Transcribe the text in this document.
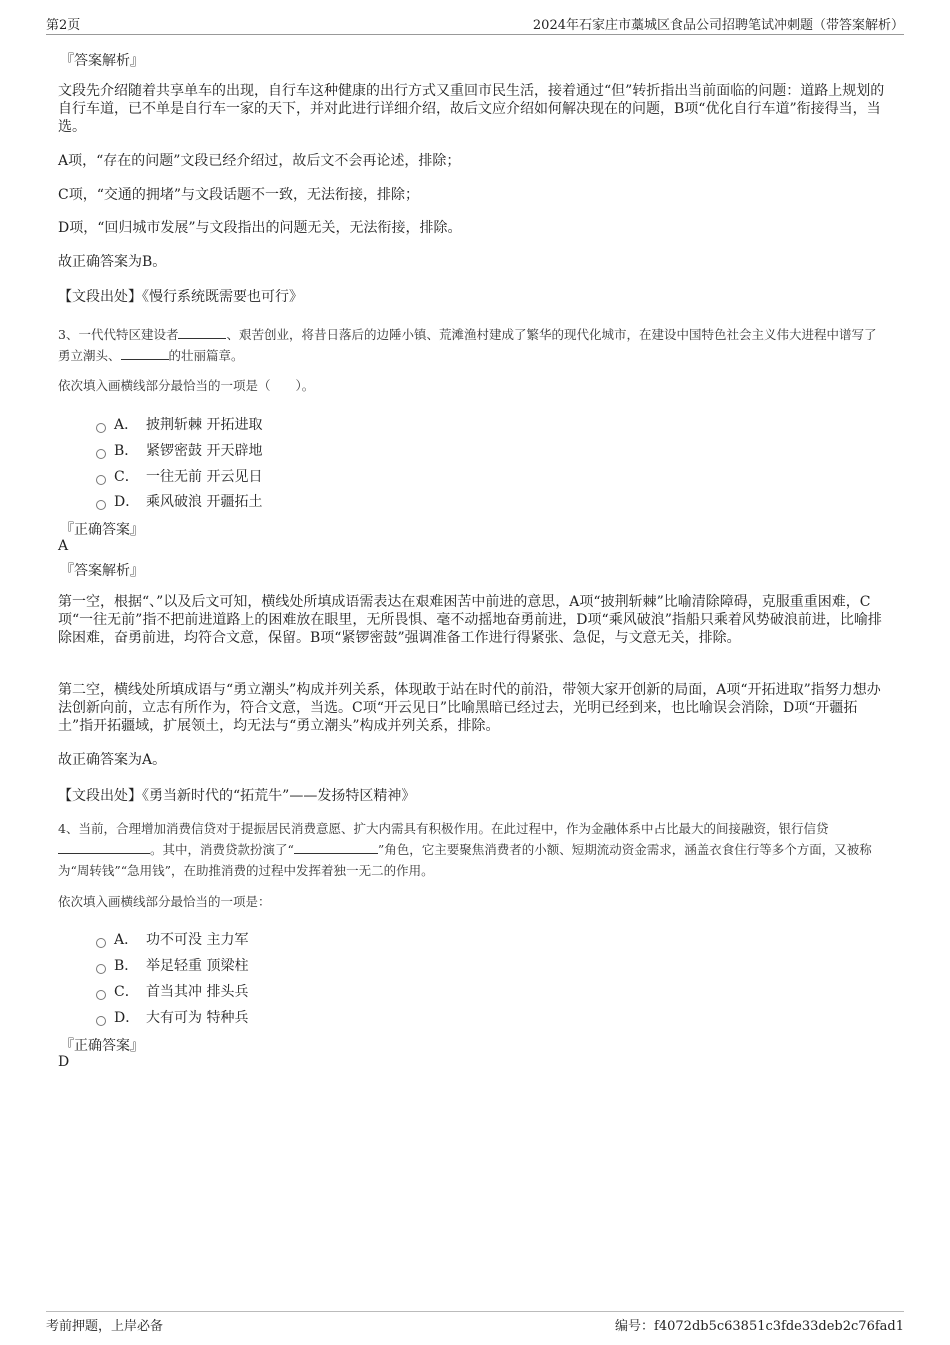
第2页	2024年石家庄市藁城区食品公司招聘笔试冲刺题（带答案解析）
『答案解析』
文段先介绍随着共享单车的出现，自行车这种健康的出行方式又重回市民生活，接着通过“但”转折指出当前面临的问题：道路上规划的自行车道，已不单是自行车一家的天下，并对此进行详细介绍，故后文应介绍如何解决现在的问题，B项“优化自行车道”衔接得当，当选。
A项，“存在的问题”文段已经介绍过，故后文不会再论述，排除；
C项，“交通的拥堵”与文段话题不一致，无法衔接，排除；
D项，“回归城市发展”与文段指出的问题无关，无法衔接，排除。
故正确答案为B。
【文段出处】《慢行系统既需要也可行》
3、一代代特区建设者	、艰苦创业，将昔日落后的边陲小镇、荒滩渔村建成了繁华的现代化城市，在建设中国特色社会主义伟大进程中谱写了勇立潮头、	的壮丽篇章。
依次填入画横线部分最恰当的一项是（　　）。
A． 披荆斩棘 开拓进取
B． 紧锣密鼓 开天辟地
C． 一往无前 开云见日
D． 乘风破浪 开疆拓土
『正确答案』
A
『答案解析』
第一空，根据“、”以及后文可知，横线处所填成语需表达在艰难困苦中前进的意思，A项“披荆斩棘”比喻清除障碍，克服重重困难，C项“一往无前”指不把前进道路上的困难放在眼里，无所畏惧、毫不动摇地奋勇前进，D项“乘风破浪”指船只乘着风势破浪前进，比喻排除困难，奋勇前进，均符合文意，保留。B项“紧锣密鼓”强调准备工作进行得紧张、急促，与文意无关，排除。
第二空，横线处所填成语与“勇立潮头”构成并列关系，体现敢于站在时代的前沿，带领大家开创新的局面，A项“开拓进取”指努力想办法创新向前，立志有所作为，符合文意，当选。C项“开云见日”比喻黑暗已经过去，光明已经到来，也比喻误会消除，D项“开疆拓土”指开拓疆域，扩展领土，均无法与“勇立潮头”构成并列关系，排除。
故正确答案为A。
【文段出处】《勇当新时代的“拓荒牛”——发扬特区精神》
4、当前，合理增加消费信贷对于提振居民消费意愿、扩大内需具有积极作用。在此过程中，作为金融体系中占比最大的间接融资，银行信贷。其中，消费贷款扮演了“	”角色，它主要聚焦消费者的小额、短期流动资金需求，涵盖衣食住行等多个方面，又被称为“周转钱”“急用钱”，在助推消费的过程中发挥着独一无二的作用。
依次填入画横线部分最恰当的一项是：
A． 功不可没 主力军
B． 举足轻重 顶梁柱
C． 首当其冲 排头兵
D． 大有可为 特种兵
『正确答案』
D
考前押题，上岸必备	编号：f4072db5c63851c3fde33deb2c76fad1
